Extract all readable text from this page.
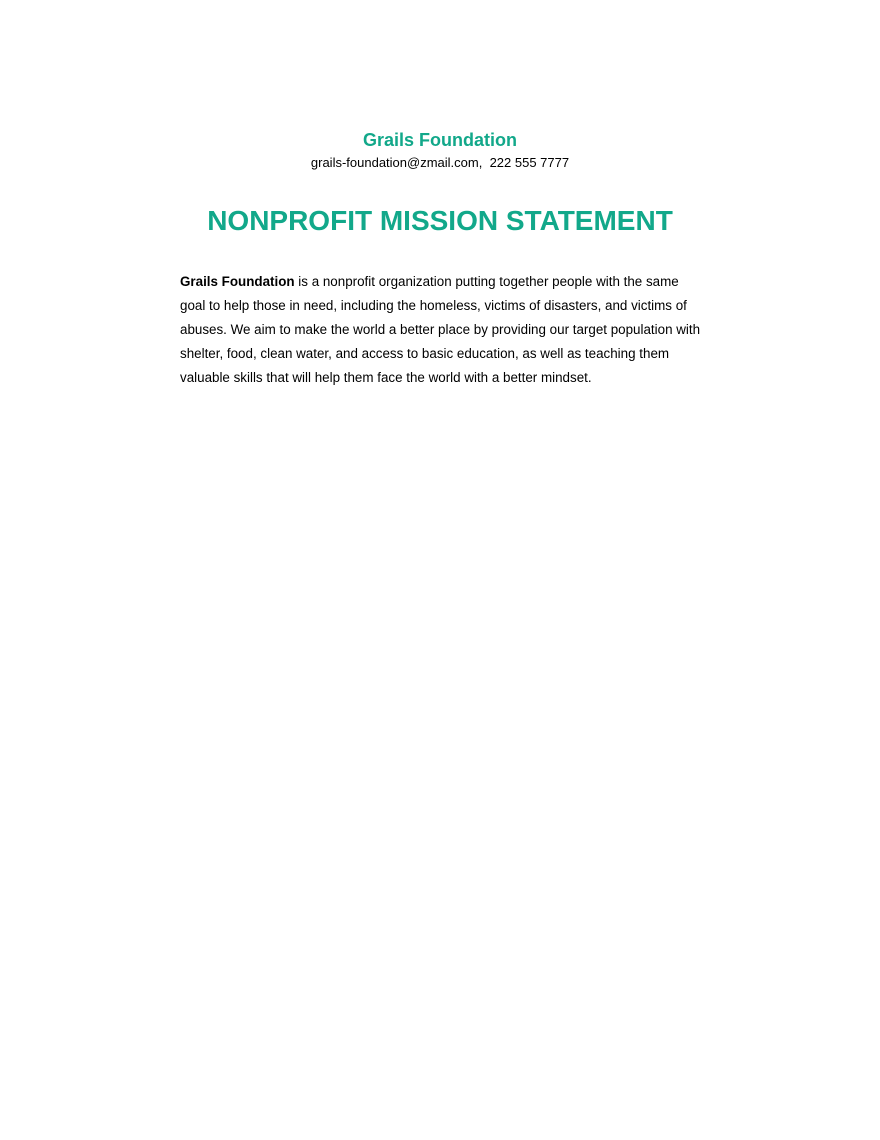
Grails Foundation
grails-foundation@zmail.com, 222 555 7777
NONPROFIT MISSION STATEMENT
Grails Foundation is a nonprofit organization putting together people with the same goal to help those in need, including the homeless, victims of disasters, and victims of abuses. We aim to make the world a better place by providing our target population with shelter, food, clean water, and access to basic education, as well as teaching them valuable skills that will help them face the world with a better mindset.
